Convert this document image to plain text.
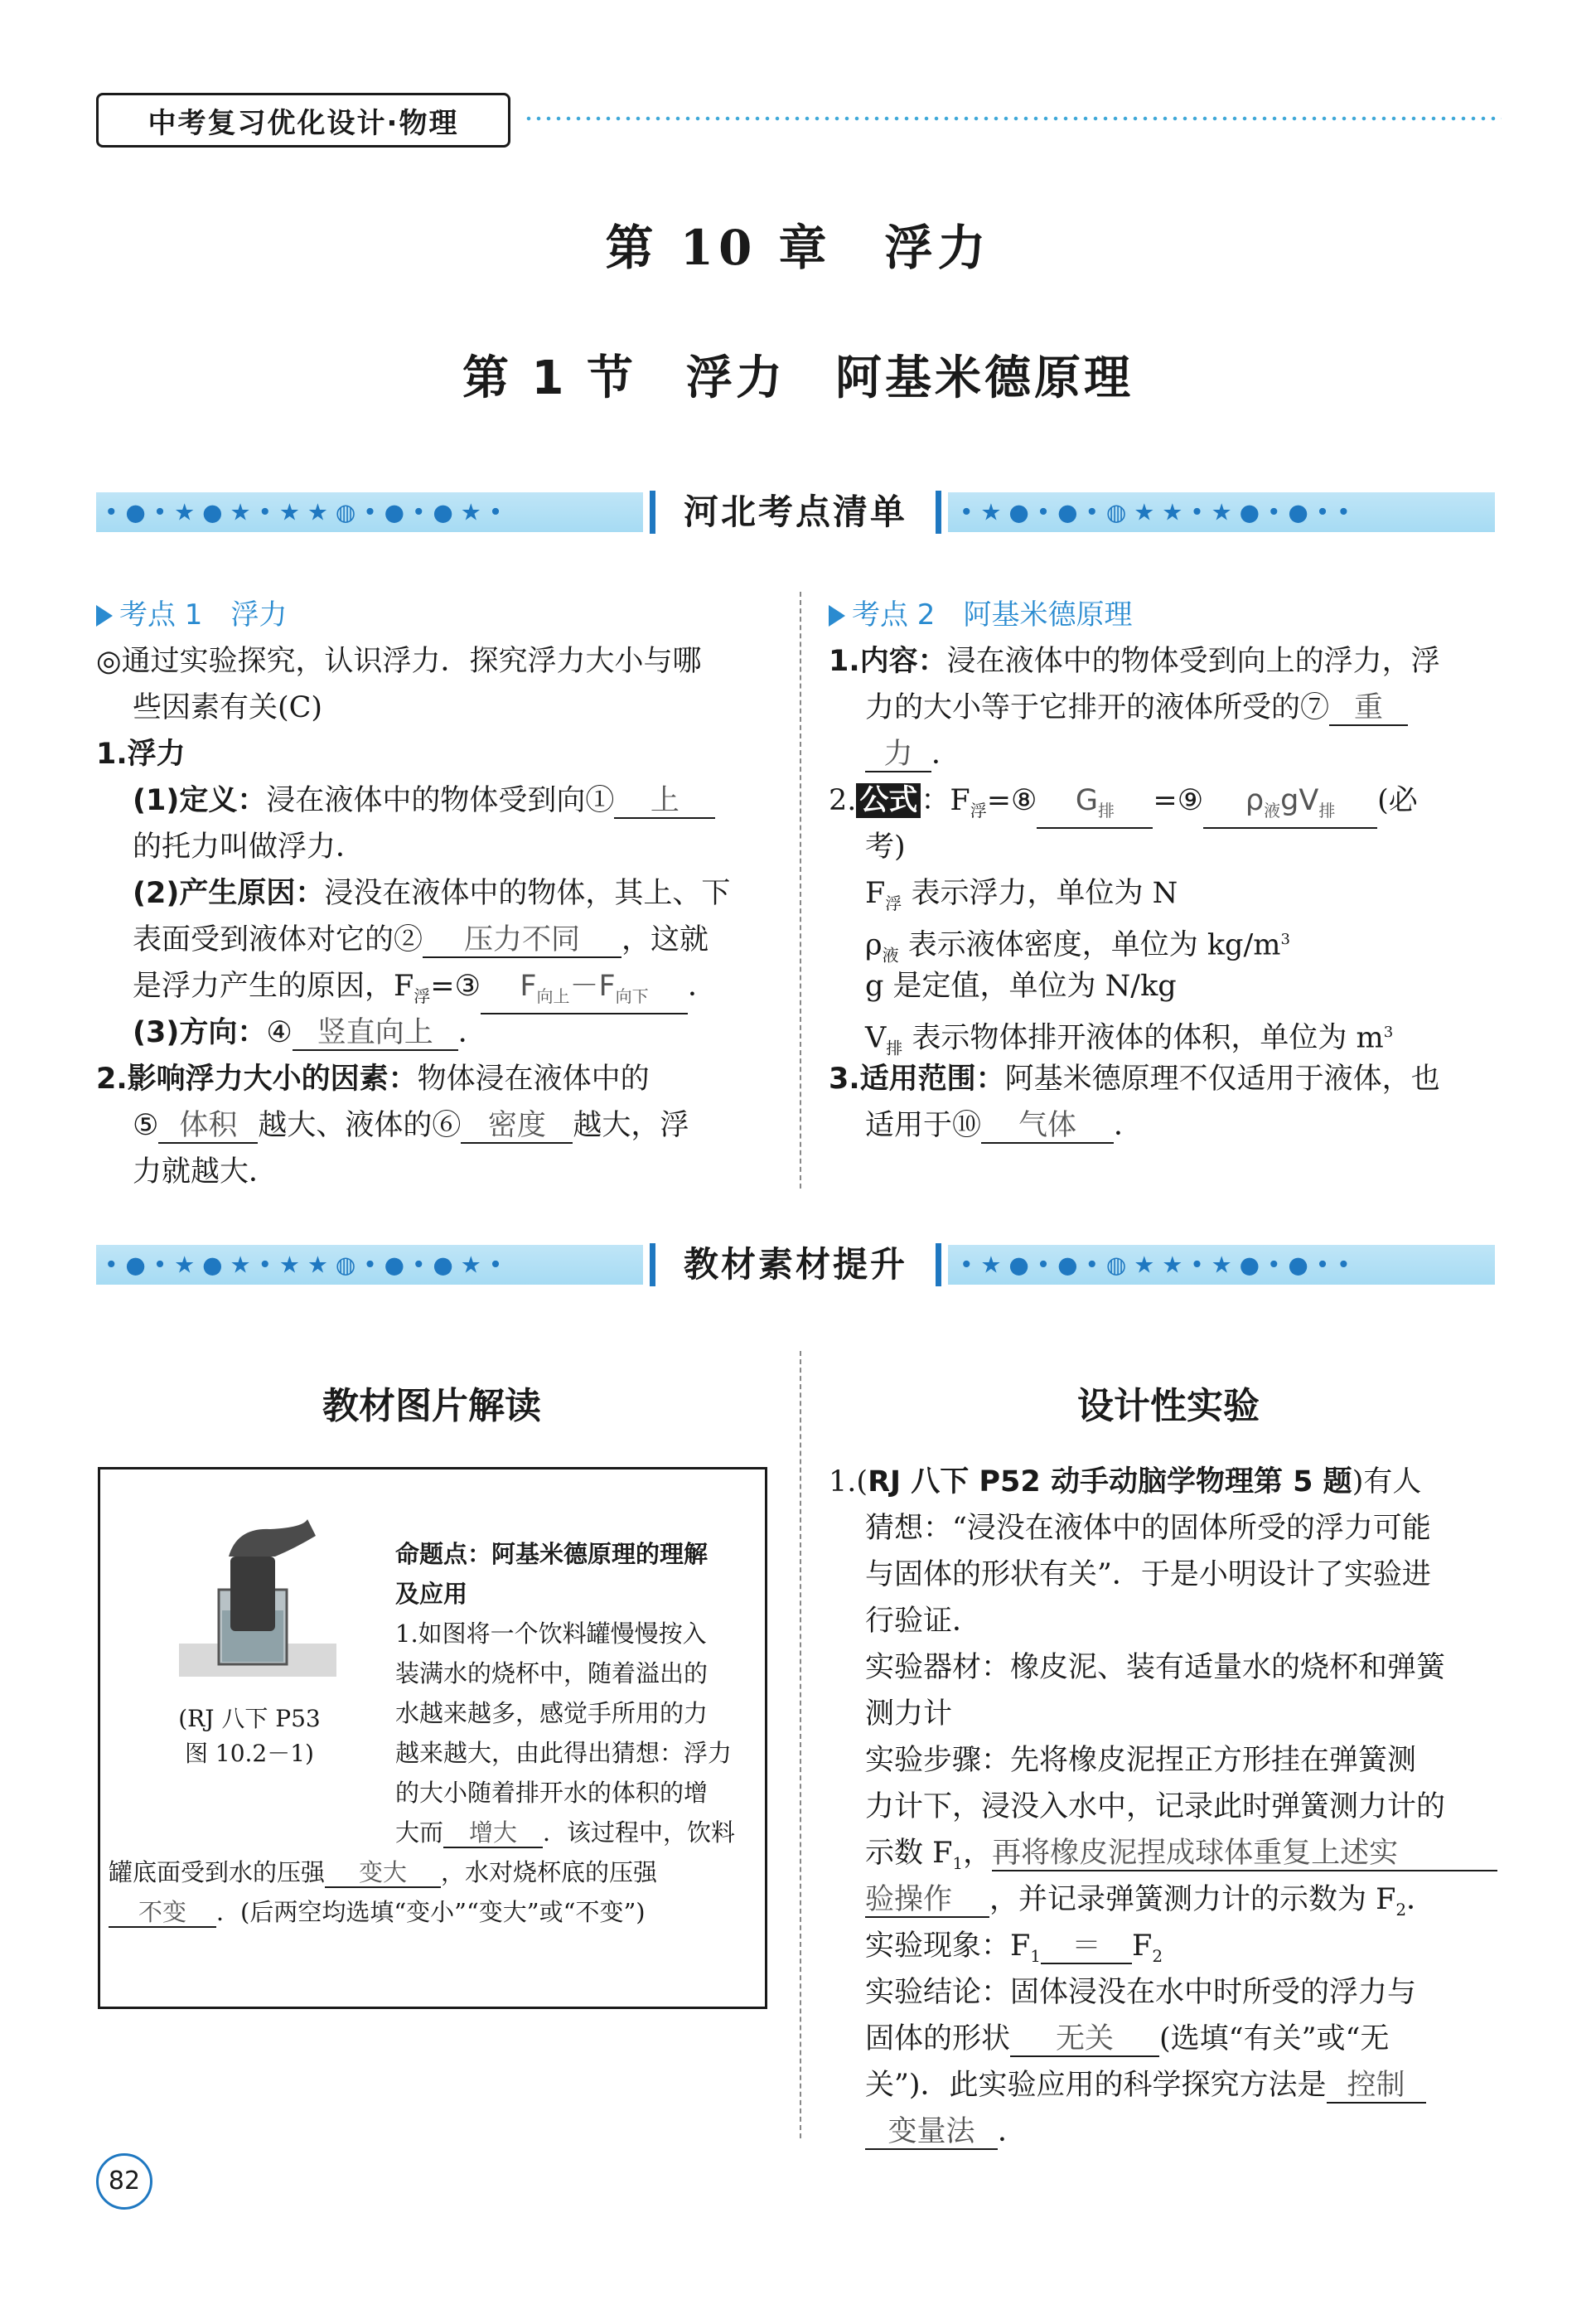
中考复习优化设计·物理
第 10 章　浮力
第 1 节　浮力　阿基米德原理
• ● • ★ ● ★ • ★ ★ ◍ • ● • ● ★ •	河北考点清单	• ★ ● • ● • ◍ ★ ★ • ★ ● • ● • •
考点 1　浮力
◎通过实验探究，认识浮力．探究浮力大小与哪
些因素有关(C)
1.浮力
(1)定义：浸在液体中的物体受到向① 上
的托力叫做浮力．
(2)产生原因：浸没在液体中的物体，其上、下
表面受到液体对它的② 压力不同 ，这就
是浮力产生的原因，$F_浮=③$ $F_{向上}-F_{向下}$ ．
(3)方向：④ 竖直向上 ．
2.影响浮力大小的因素：物体浸在液体中的
⑤ 体积 越大、液体的⑥ 密度 越大，浮
力就越大．
考点 2　阿基米德原理
1.内容：浸在液体中的物体受到向上的浮力，浮
力的大小等于它排开的液体所受的⑦ 重
力 ．
2. 公式 ：$F_浮=⑧$ $G_排$ =⑨ $\rho_液gV_排$ (必
考)
$F_浮$ 表示浮力，单位为 N
$\rho_液$ 表示液体密度，单位为 $kg/m^3$
g 是定值，单位为 N/kg
$V_排$ 表示物体排开液体的体积，单位为 $m^3$
3.适用范围：阿基米德原理不仅适用于液体，也
适用于⑩ 气体 ．
• ● • ★ ● ★ • ★ ★ ◍ • ● • ● ★ •	教材素材提升	• ★ ● • ● • ◍ ★ ★ • ★ ● • ● • •
教材图片解读
(RJ 八下 P53
图 10.2－1)
命题点：阿基米德原理的理解
及应用
1.如图将一个饮料罐慢慢按入
装满水的烧杯中，随着溢出的
水越来越多，感觉手所用的力
越来越大，由此得出猜想：浮力
的大小随着排开水的体积的增
大而 增大 ．该过程中，饮料
罐底面受到水的压强 变大 ，水对烧杯底的压强
不变 ．(后两空均选填“变小”“变大”或“不变”)
设计性实验
1.(RJ 八下 P52 动手动脑学物理第 5 题)有人
猜想：“浸没在液体中的固体所受的浮力可能
与固体的形状有关”．于是小明设计了实验进
行验证．
实验器材：橡皮泥、装有适量水的烧杯和弹簧
测力计
实验步骤：先将橡皮泥捏正方形挂在弹簧测
力计下，浸没入水中，记录此时弹簧测力计的
示数 $F_1$，再将橡皮泥捏成球体重复上述实
验操作 ，并记录弹簧测力计的示数为 $F_2$．
实验现象：$F_1 = F_2$
实验结论：固体浸没在水中时所受的浮力与
固体的形状 无关 (选填“有关”或“无
关”)．此实验应用的科学探究方法是 控制
变量法 ．
82
